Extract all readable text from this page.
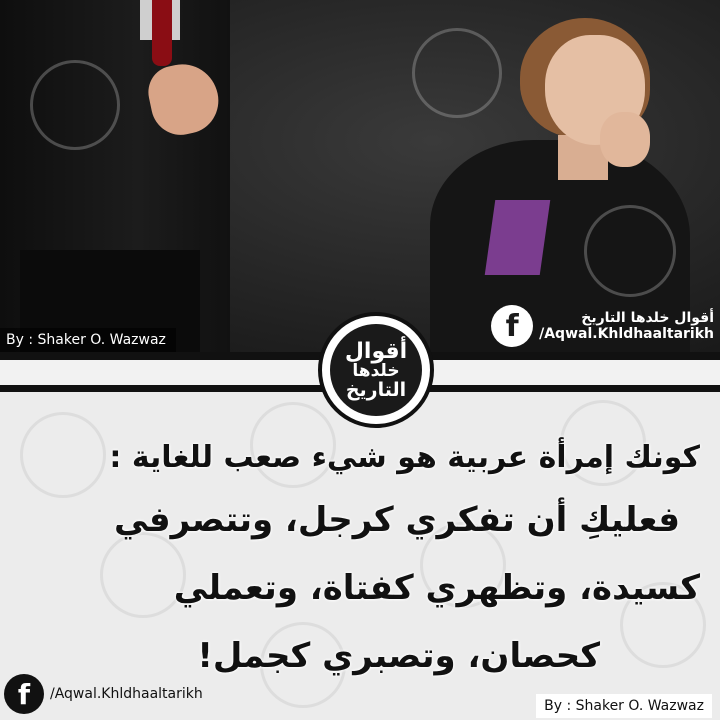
By : Shaker O. Wazwaz	f	أقوال خلدها التاريخ
/Aqwal.Khldhaaltarikh
أقوال
خلدها
التاريخ
كونك إمرأة عربية هو شيء صعب للغاية :
فعليكِ أن تفكري كرجل، وتتصرفي
كسيدة، وتظهري كفتاة، وتعملي
كحصان، وتصبري كجمل!
f	/Aqwal.Khldhaaltarikh
By : Shaker O. Wazwaz
